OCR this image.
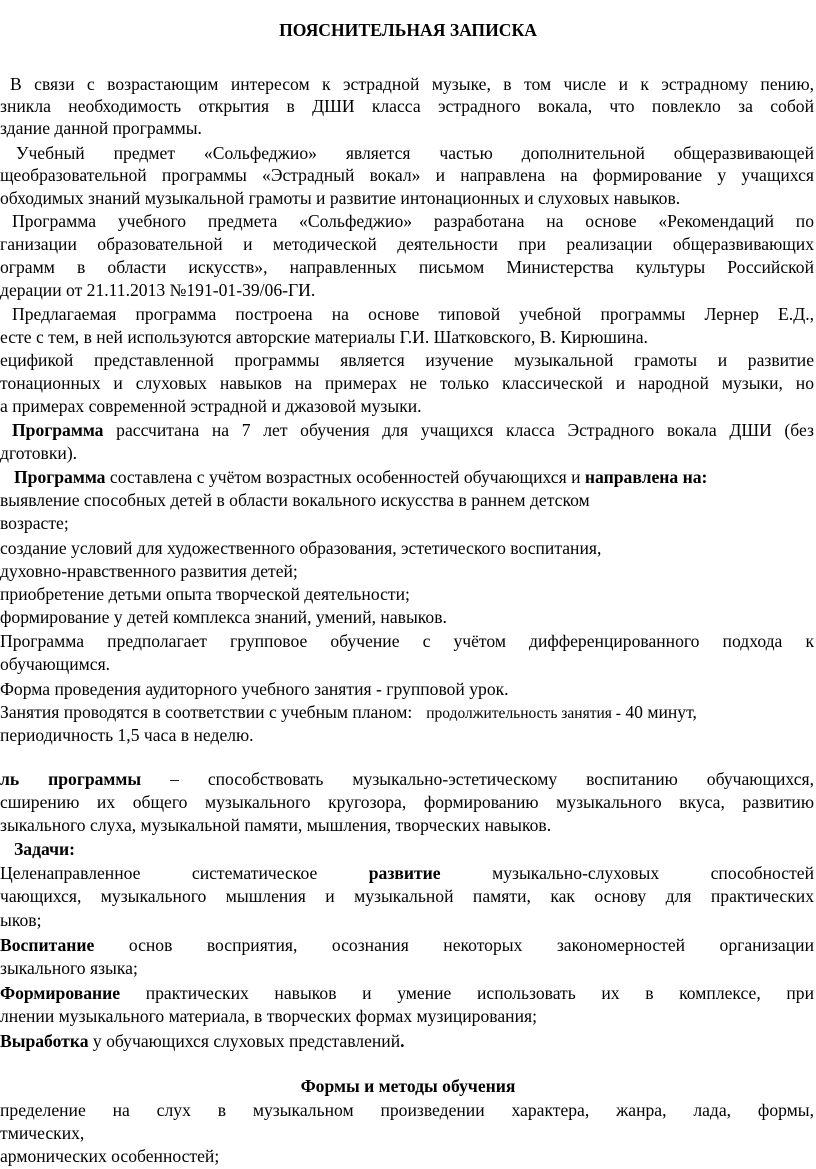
ПОЯСНИТЕЛЬНАЯ ЗАПИСКА
В связи с возрастающим интересом к эстрадной музыке, в том числе и к эстрадному пению,
зникла необходимость открытия в ДШИ класса эстрадного вокала, что повлекло за собой
здание данной программы.
Учебный предмет «Сольфеджио» является частью дополнительной общеразвивающей
щеобразовательной программы «Эстрадный вокал» и направлена на формирование у учащихся
обходимых знаний музыкальной грамоты и развитие интонационных и слуховых навыков.
Программа учебного предмета «Сольфеджио» разработана на основе «Рекомендаций по
ганизации образовательной и методической деятельности при реализации общеразвивающих
ограмм в области искусств», направленных письмом Министерства культуры Российской
дерации от 21.11.2013 №191-01-39/06-ГИ.
Предлагаемая программа построена на основе типовой учебной программы Лернер Е.Д.,
есте с тем, в ней используются авторские материалы Г.И. Шатковского, В. Кирюшина.
ецификой представленной программы является изучение музыкальной грамоты и развитие
тонационных и слуховых навыков на примерах не только классической и народной музыки, но
а примерах современной эстрадной и джазовой музыки.
Программа рассчитана на 7 лет обучения для учащихся класса Эстрадного вокала ДШИ (без
дготовки).
Программа составлена с учётом возрастных особенностей обучающихся и направлена на:
выявление способных детей в области вокального искусства в раннем детском
возрасте;
создание условий для художественного образования, эстетического воспитания,
духовно-нравственного развития детей;
приобретение детьми опыта творческой деятельности;
формирование у детей комплекса знаний, умений, навыков.
Программа предполагает групповое обучение с учётом дифференцированного подхода к
обучающимся.
Форма проведения аудиторного учебного занятия - групповой урок.
Занятия проводятся в соответствии с учебным планом: продолжительность занятия - 40 минут,
периодичность 1,5 часа в неделю.
ль программы – способствовать музыкально-эстетическому воспитанию обучающихся,
сширению их общего музыкального кругозора, формированию музыкального вкуса, развитию
зыкального слуха, музыкальной памяти, мышления, творческих навыков.
Задачи:
Целенаправленное систематическое развитие музыкально-слуховых способностей
чающихся, музыкального мышления и музыкальной памяти, как основу для практических
ыков;
Воспитание основ восприятия, осознания некоторых закономерностей организации
зыкального языка;
Формирование практических навыков и умение использовать их в комплексе, при
лнении музыкального материала, в творческих формах музицирования;
Выработка у обучающихся слуховых представлений.
Формы и методы обучения
пределение на слух в музыкальном произведении характера, жанра, лада, формы,
тмических,
армонических особенностей;
